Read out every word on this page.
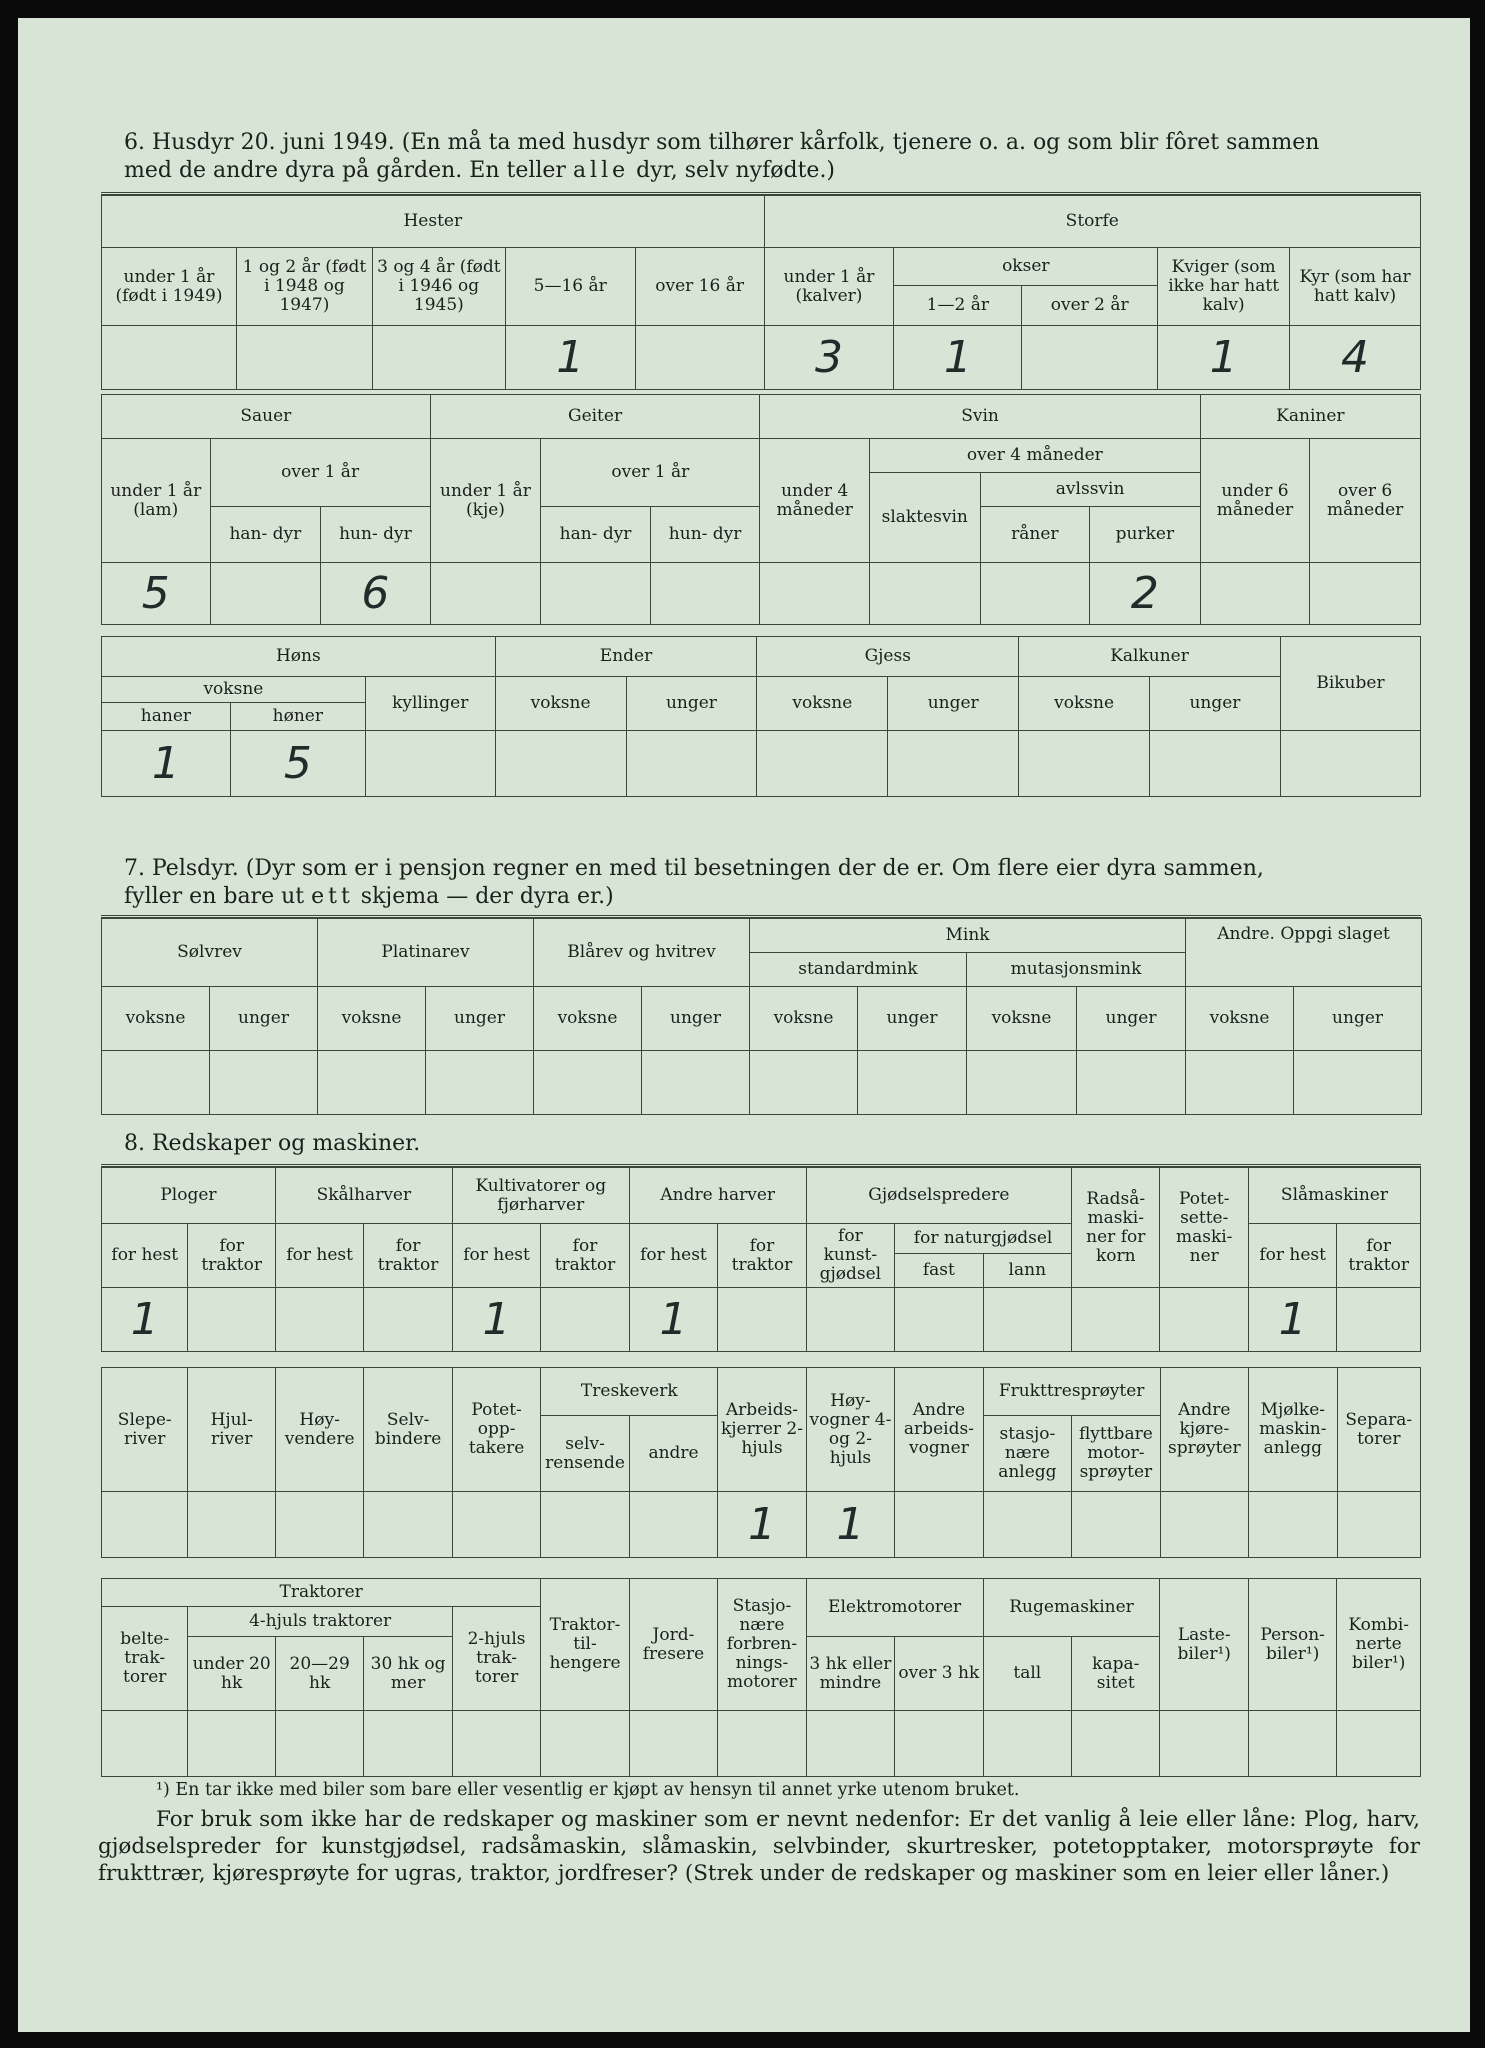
6. Husdyr 20. juni 1949. (En må ta med husdyr som tilhører kårfolk, tjenere o. a. og som blir fôret sammen
med de andre dyra på gården. En teller alle dyr, selv nyfødte.)
Hester					Storfe				
under 1 år (født i 1949)	1 og 2 år (født i 1948 og 1947)	3 og 4 år (født i 1946 og 1945)	5—16 år	over 16 år	under 1 år (kalver)	okser		Kviger (som ikke har hatt kalv)	Kyr (som har hatt kalv)
						1—2 år	over 2 år		
			1		3	1		1	4
Sauer			Geiter			Svin				Kaniner	
under 1 år (lam)	over 1 år		under 1 år (kje)	over 1 år		under 4 måneder	over 4 måneder			under 6 måneder	over 6 måneder
							slaktesvin	avlssvin			
	han- dyr	hun- dyr		han- dyr	hun- dyr			råner	purker		
5		6							2		
Høns			Ender		Gjess		Kalkuner		Bikuber

voksne		kyllinger	voksne	unger	voksne	unger	voksne	unger	
haner	høner								
1	5								
7. Pelsdyr. (Dyr som er i pensjon regner en med til besetningen der de er. Om flere eier dyra sammen,
fyller en bare ut ett skjema — der dyra er.)
Sølvrev		Platinarev		Blårev og hvitrev		Mink				Andre. Oppgi slaget	
						standardmink		mutasjonsmink			
voksne	unger	voksne	unger	voksne	unger	voksne	unger	voksne	unger	voksne	unger

8. Redskaper og maskiner.
Ploger		Skålharver		Kultivatorer og fjørharver		Andre harver		Gjødselspredere			Radså- maski- ner for korn	Potet- sette- maski- ner	Slåmaskiner	
for hest	for traktor	for hest	for traktor	for hest	for traktor	for hest	for traktor	for kunst- gjødsel	for naturgjødsel				for hest	for traktor
									fast	lann				
1				1		1							1	
Slepe- river	Hjul- river	Høy- vendere	Selv- bindere	Potet- opp- takere	Treskeverk		Arbeids- kjerrer 2-hjuls	Høy- vogner 4- og 2- hjuls	Andre arbeids- vogner	Frukttresprøyter		Andre kjøre- sprøyter	Mjølke- maskin- anlegg	Separa- torer
					selv- rensende	andre				stasjo- nære anlegg	flyttbare motor- sprøyter			
							1	1						
Traktorer					Traktor- til- hengere	Jord- fresere	Stasjo- nære forbren- nings- motorer	Elektromotorer		Rugemaskiner		Laste- biler¹)	Person- biler¹)	Kombi- nerte biler¹)
belte- trak- torer	4-hjuls traktorer			2-hjuls trak- torer										
	under 20 hk	20—29 hk	30 hk og mer					3 hk eller mindre	over 3 hk	tall	kapa- sitet			

¹) En tar ikke med biler som bare eller vesentlig er kjøpt av hensyn til annet yrke utenom bruket.
For bruk som ikke har de redskaper og maskiner som er nevnt nedenfor: Er det vanlig å leie eller låne: Plog, harv, gjødselspreder for kunstgjødsel, radsåmaskin, slåmaskin, selvbinder, skurtresker, potetopptaker, motorsprøyte for frukttrær, kjøresprøyte for ugras, traktor, jordfreser? (Strek under de redskaper og maskiner som en leier eller låner.)
